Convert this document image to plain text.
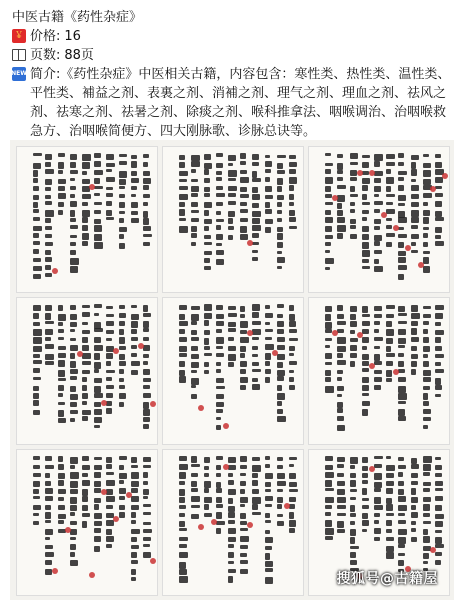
中医古籍《药性杂症》
￥ 价格: 16
页数: 88页
NEW 简介:《药性杂症》中医相关古籍，内容包含：寒性类、热性类、温性类、平性类、補益之剂、表裏之剂、消補之剂、理气之剂、理血之剂、祛风之剂、祛寒之剂、祛暑之剂、除痰之剂、喉科推拿法、咽喉调治、治咽喉救急方、治咽喉简便方、四大刚脉歌、诊脉总诀等。
搜狐号@古籍屋
